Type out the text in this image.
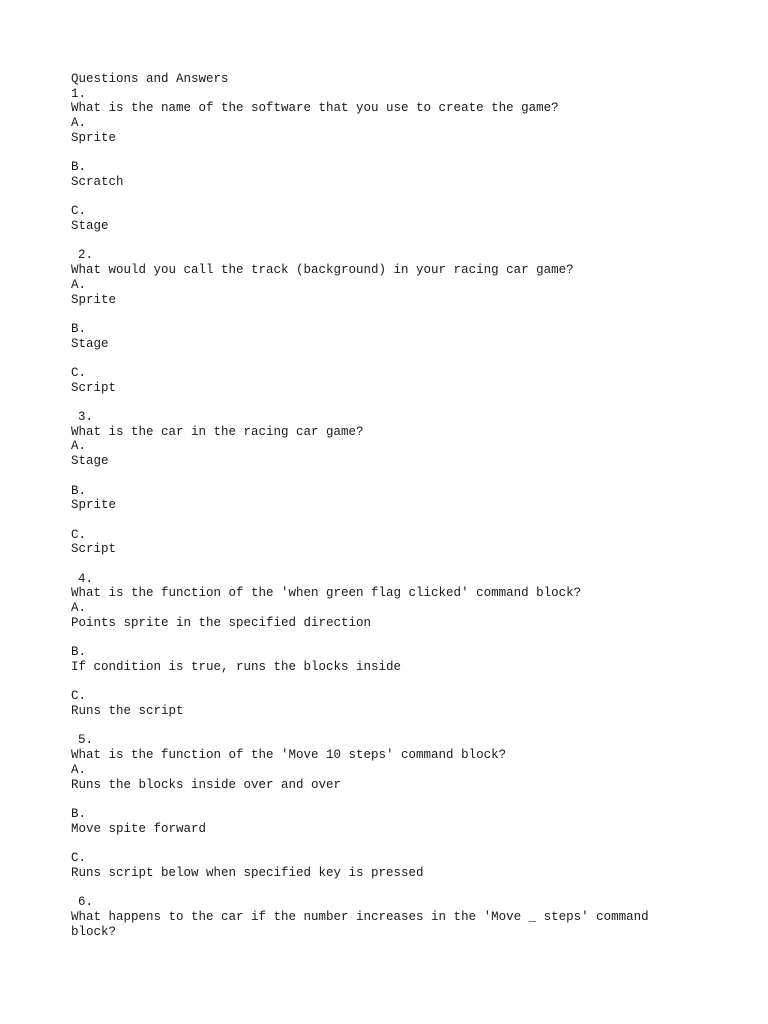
Questions and Answers
1.
What is the name of the software that you use to create the game?
A.
Sprite
B.
Scratch
C.
Stage
2.
What would you call the track (background) in your racing car game?
A.
Sprite
B.
Stage
C.
Script
3.
What is the car in the racing car game?
A.
Stage
B.
Sprite
C.
Script
4.
What is the function of the 'when green flag clicked' command block?
A.
Points sprite in the specified direction
B.
If condition is true, runs the blocks inside
C.
Runs the script
5.
What is the function of the 'Move 10 steps' command block?
A.
Runs the blocks inside over and over
B.
Move spite forward
C.
Runs script below when specified key is pressed
6.
What happens to the car if the number increases in the 'Move _ steps' command block?
